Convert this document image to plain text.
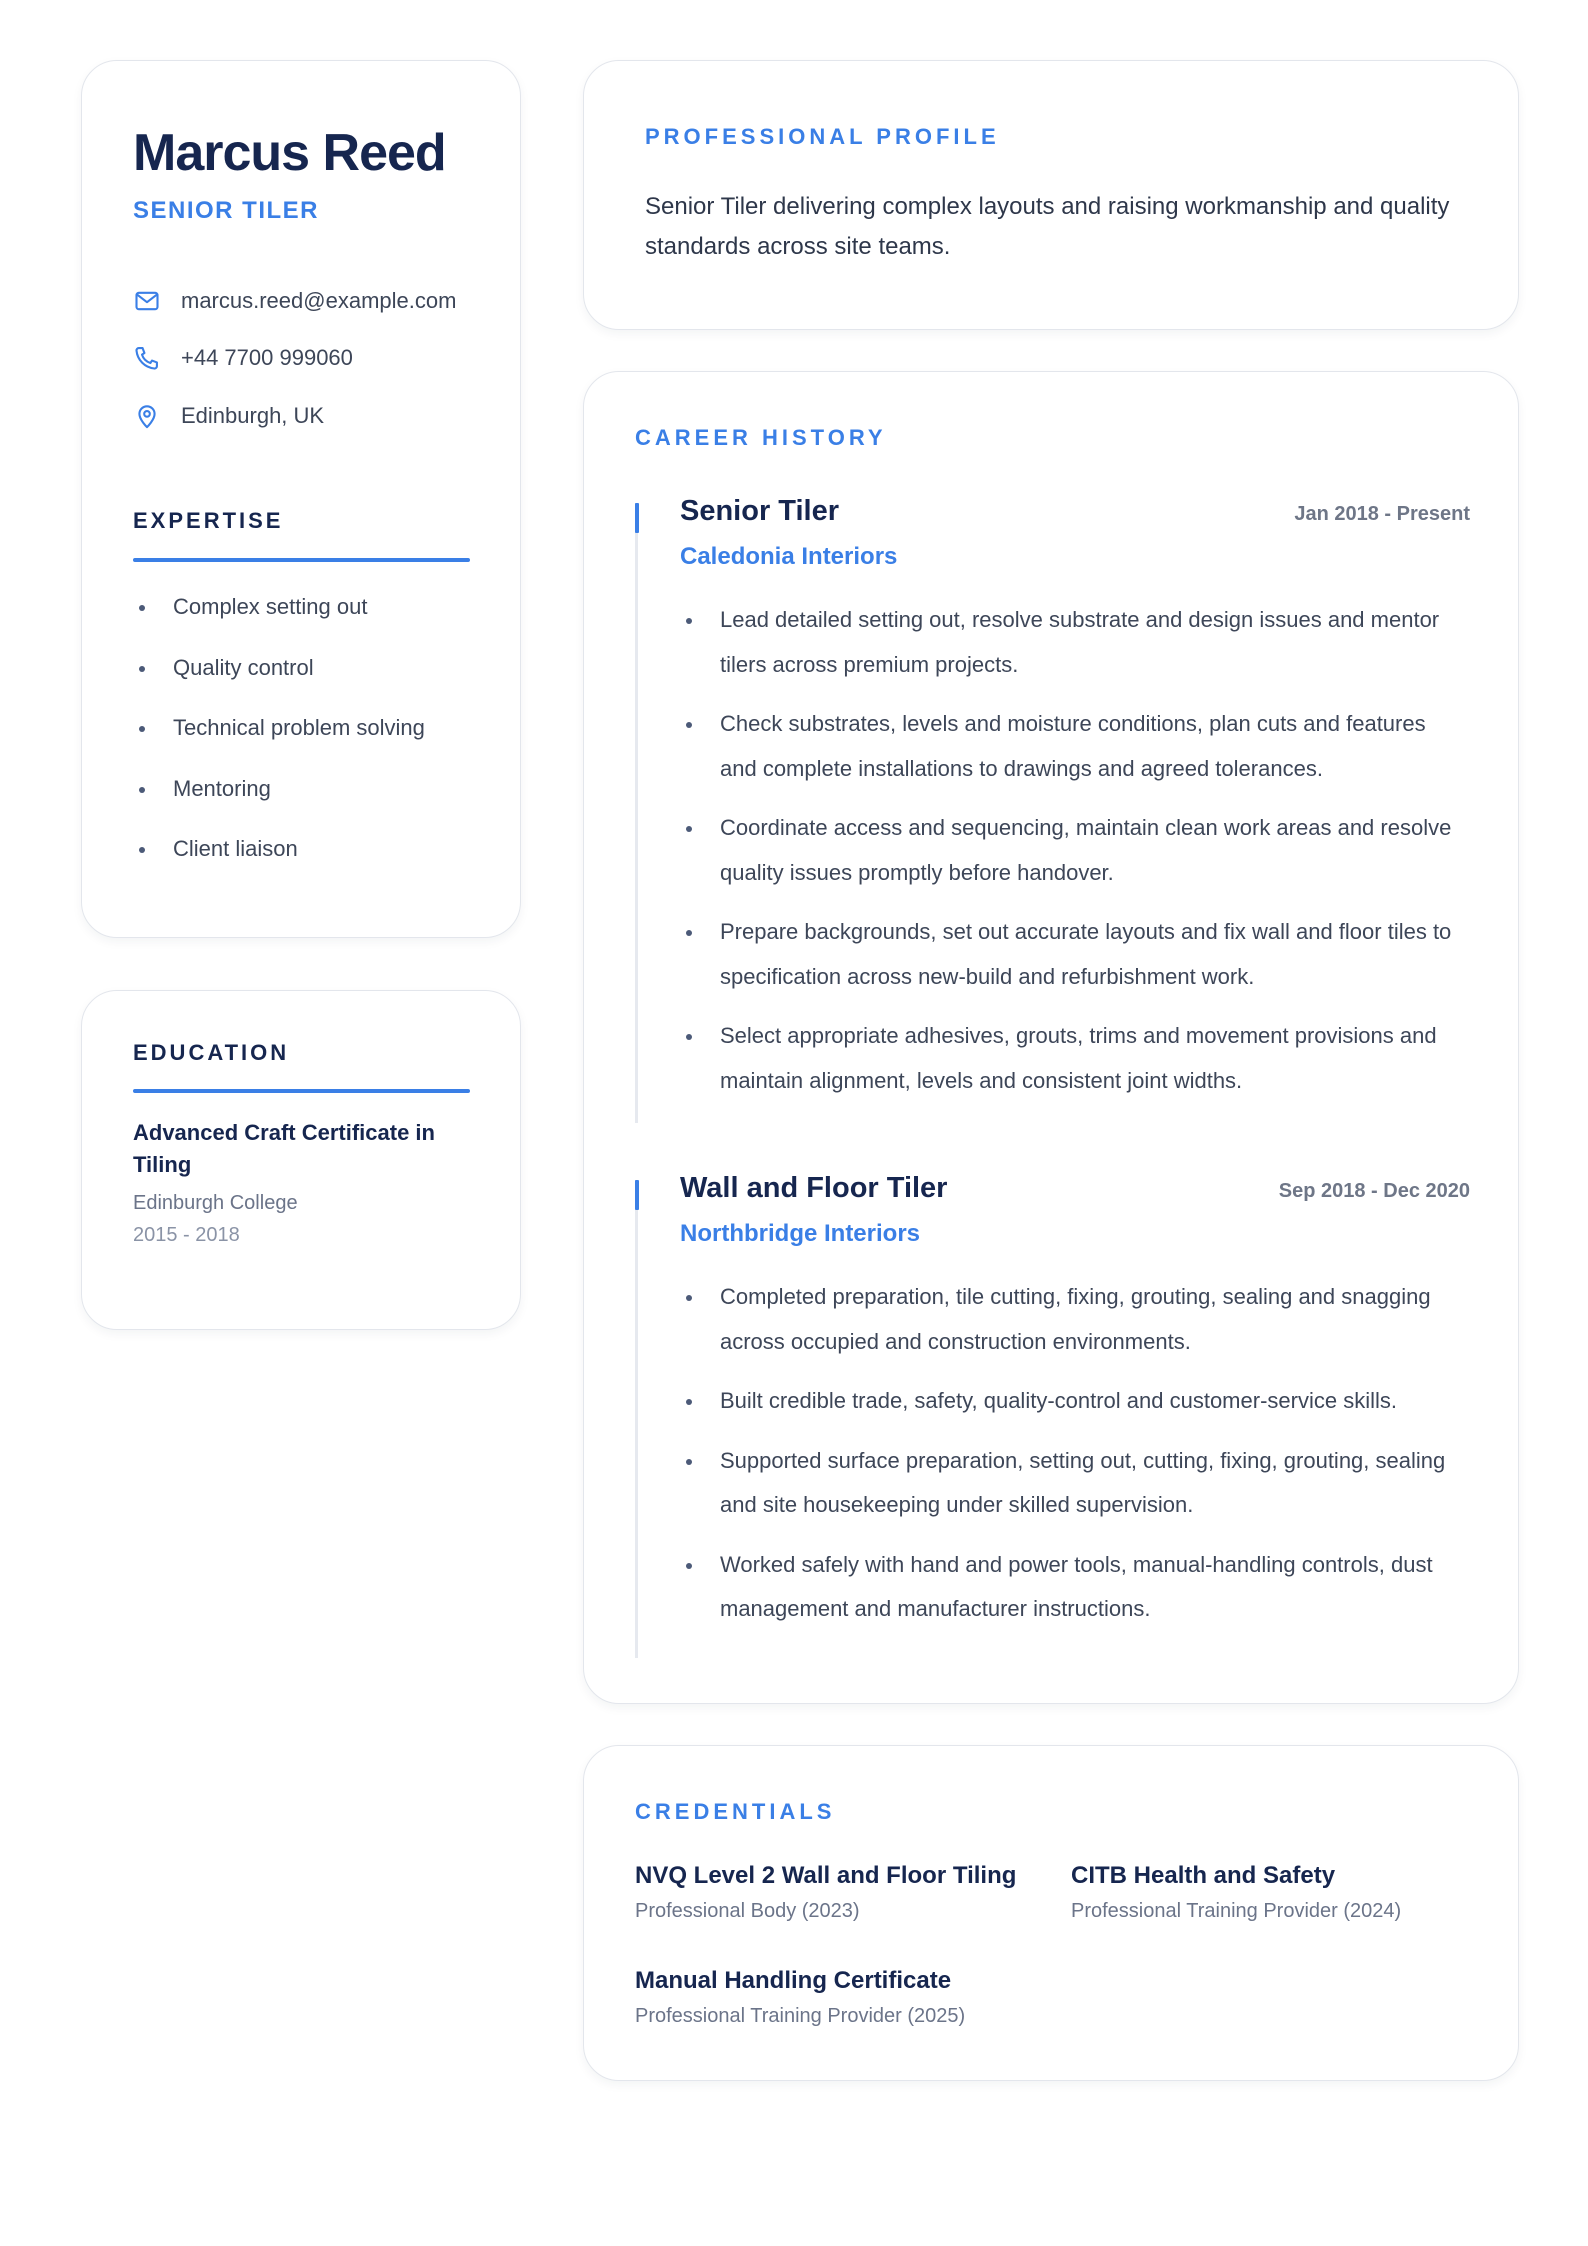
Marcus Reed
SENIOR TILER
marcus.reed@example.com
+44 7700 999060
Edinburgh, UK
EXPERTISE
Complex setting out
Quality control
Technical problem solving
Mentoring
Client liaison
EDUCATION
Advanced Craft Certificate in Tiling
Edinburgh College
2015 - 2018
PROFESSIONAL PROFILE
Senior Tiler delivering complex layouts and raising workmanship and quality standards across site teams.
CAREER HISTORY
Senior Tiler	Jan 2018 - Present
Caledonia Interiors
Lead detailed setting out, resolve substrate and design issues and mentor tilers across premium projects.
Check substrates, levels and moisture conditions, plan cuts and features and complete installations to drawings and agreed tolerances.
Coordinate access and sequencing, maintain clean work areas and resolve quality issues promptly before handover.
Prepare backgrounds, set out accurate layouts and fix wall and floor tiles to specification across new-build and refurbishment work.
Select appropriate adhesives, grouts, trims and movement provisions and maintain alignment, levels and consistent joint widths.
Wall and Floor Tiler	Sep 2018 - Dec 2020
Northbridge Interiors
Completed preparation, tile cutting, fixing, grouting, sealing and snagging across occupied and construction environments.
Built credible trade, safety, quality-control and customer-service skills.
Supported surface preparation, setting out, cutting, fixing, grouting, sealing and site housekeeping under skilled supervision.
Worked safely with hand and power tools, manual-handling controls, dust management and manufacturer instructions.
CREDENTIALS
NVQ Level 2 Wall and Floor Tiling
Professional Body (2023)
CITB Health and Safety
Professional Training Provider (2024)
Manual Handling Certificate
Professional Training Provider (2025)
